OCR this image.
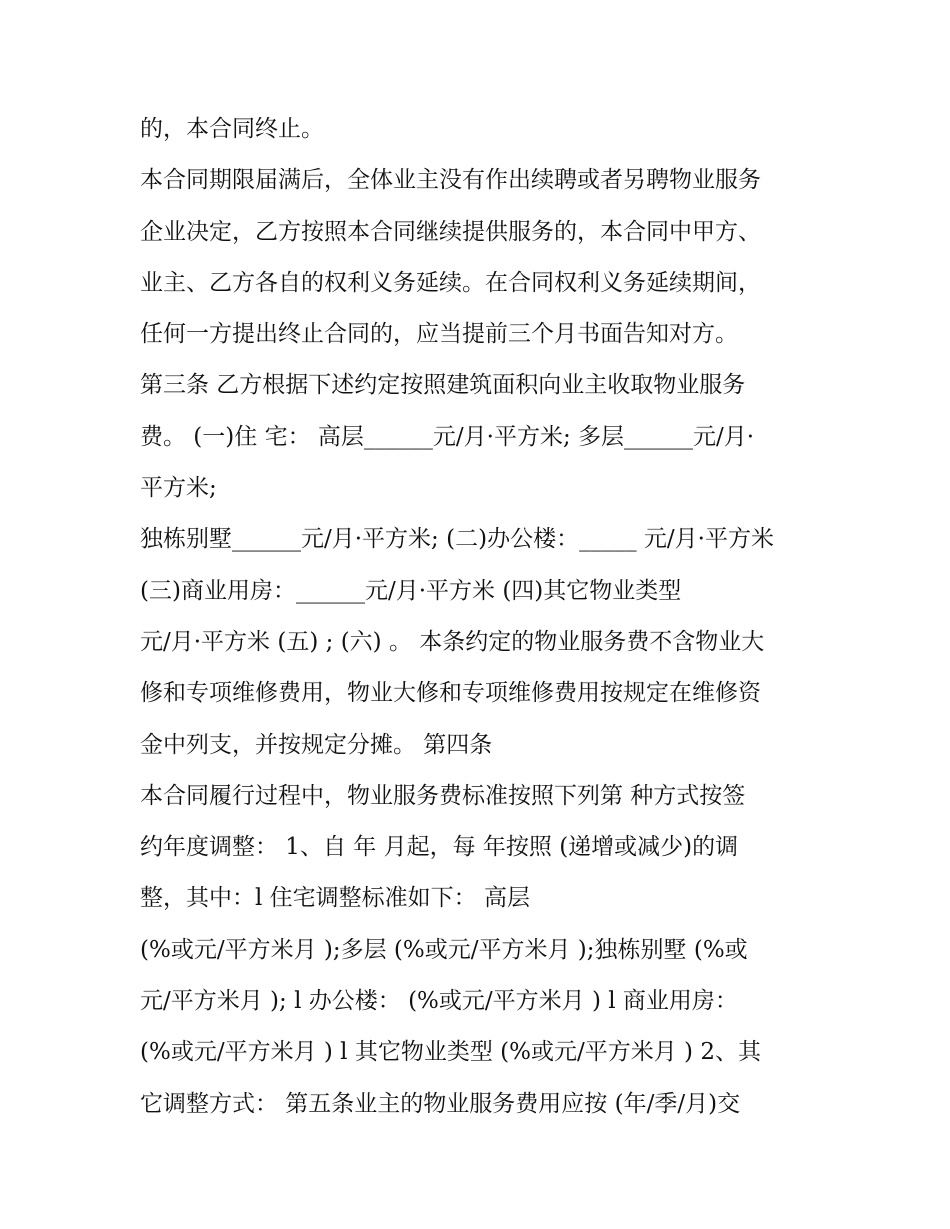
的，本合同终止。
本合同期限届满后，全体业主没有作出续聘或者另聘物业服务
企业决定，乙方按照本合同继续提供服务的，本合同中甲方、
业主、乙方各自的权利义务延续。在合同权利义务延续期间，
任何一方提出终止合同的，应当提前三个月书面告知对方。
第三条 乙方根据下述约定按照建筑面积向业主收取物业服务
费。 (一)住 宅： 高层______元/月·平方米; 多层______元/月·
平方米;
独栋别墅______元/月·平方米; (二)办公楼：_____ 元/月·平方米
(三)商业用房：______元/月·平方米 (四)其它物业类型
元/月·平方米 (五) ; (六) 。 本条约定的物业服务费不含物业大
修和专项维修费用，物业大修和专项维修费用按规定在维修资
金中列支，并按规定分摊。 第四条
本合同履行过程中，物业服务费标准按照下列第 种方式按签
约年度调整： 1、自 年 月起，每 年按照 (递增或减少)的调
整，其中：l 住宅调整标准如下： 高层
(%或元/平方米月 );多层 (%或元/平方米月 );独栋别墅 (%或
元/平方米月 ); l 办公楼： (%或元/平方米月 ) l 商业用房：
(%或元/平方米月 ) l 其它物业类型 (%或元/平方米月 ) 2、其
它调整方式： 第五条业主的物业服务费用应按 (年/季/月)交
